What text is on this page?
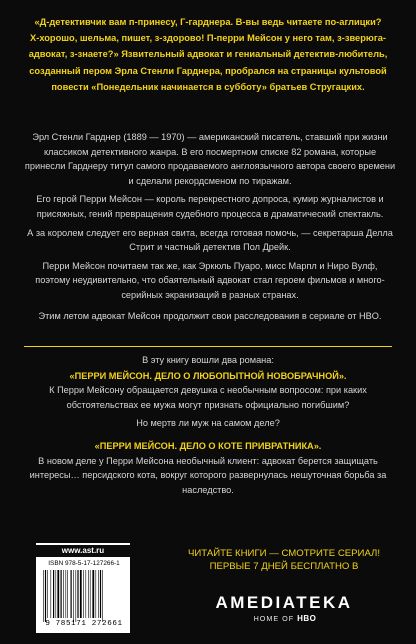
«Д-детективчик вам п-принесу, Г-гарднера. В-вы ведь читаете по-аглицки?

Х-хорошо, шельма, пишет, з-здорово! П-перри Мейсон у него там, з-зверюга-

адвокат, з-знаете?» Язвительный адвокат и гениальный детектив-любитель,

созданный пером Эрла Стенли Гарднера, пробрался на страницы культовой

повести «Понедельник начинается в субботу» братьев Стругацких.

Эрл Стенли Гарднер (1889 — 1970) — американский писатель, ставший при жизни классиком детективного жанра. В его посмертном списке 82 романа, которые принесли Гарднеру титул самого продаваемого англоязычного автора своего времени и сделали рекордсменом по тиражам.

Его герой Перри Мейсон — король перекрестного допроса, кумир журналистов и присяжных, гений превращения судебного процесса в драматический спектакль.

А за королем следует его верная свита, всегда готовая помочь, — секретарша Делла Стрит и частный детектив Пол Дрейк.

Перри Мейсон почитаем так же, как Эркюль Пуаро, мисс Марпл и Ниро Вулф, поэтому неудивительно, что обаятельный адвокат стал героем фильмов и много-серийных экранизаций в разных странах.

Этим летом адвокат Мейсон продолжит свои расследования в сериале от HBO.

В эту книгу вошли два романа:

«ПЕРРИ МЕЙСОН. ДЕЛО О ЛЮБОПЫТНОЙ НОВОБРАЧНОЙ».

К Перри Мейсону обращается девушка с необычным вопросом: при каких обстоятельствах ее мужа могут признать официально погибшим?

Но мертв ли муж на самом деле?

«ПЕРРИ МЕЙСОН. ДЕЛО О КОТЕ ПРИВРАТНИКА».

В новом деле у Перри Мейсона необычный клиент: адвокат берется защищать интересы… персидского кота, вокруг которого развернулась нешуточная борьба за наследство.

www.ast.ru
ISBN 978-5-17-127266-1
9 785171 272661

ЧИТАЙТЕ КНИГИ — СМОТРИТЕ СЕРИАЛ!

ПЕРВЫЕ 7 ДНЕЙ БЕСПЛАТНО В

AMEDIATEKA
HOME OF HBO
